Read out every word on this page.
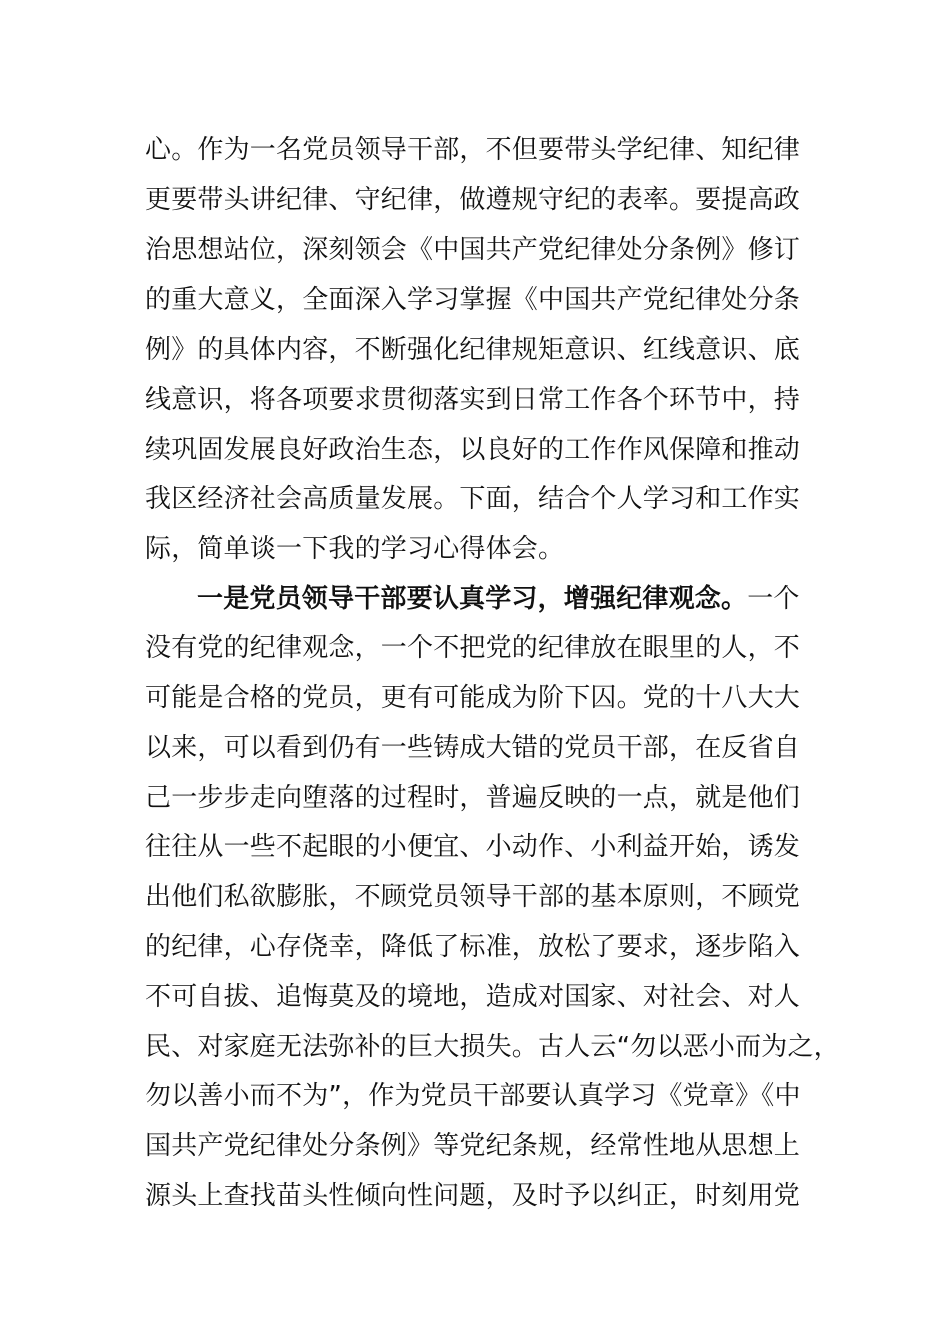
心。作为一名党员领导干部，不但要带头学纪律、知纪律
更要带头讲纪律、守纪律，做遵规守纪的表率。要提高政
治思想站位，深刻领会《中国共产党纪律处分条例》修订
的重大意义，全面深入学习掌握《中国共产党纪律处分条
例》的具体内容，不断强化纪律规矩意识、红线意识、底
线意识，将各项要求贯彻落实到日常工作各个环节中，持
续巩固发展良好政治生态，以良好的工作作风保障和推动
我区经济社会高质量发展。下面，结合个人学习和工作实
际，简单谈一下我的学习心得体会。
一是党员领导干部要认真学习，增强纪律观念。一个
没有党的纪律观念，一个不把党的纪律放在眼里的人，不
可能是合格的党员，更有可能成为阶下囚。党的十八大大
以来，可以看到仍有一些铸成大错的党员干部，在反省自
己一步步走向堕落的过程时，普遍反映的一点，就是他们
往往从一些不起眼的小便宜、小动作、小利益开始，诱发
出他们私欲膨胀，不顾党员领导干部的基本原则，不顾党
的纪律，心存侥幸，降低了标准，放松了要求，逐步陷入
不可自拔、追悔莫及的境地，造成对国家、对社会、对人
民、对家庭无法弥补的巨大损失。古人云“勿以恶小而为之，
勿以善小而不为”，作为党员干部要认真学习《党章》《中
国共产党纪律处分条例》等党纪条规，经常性地从思想上
源头上查找苗头性倾向性问题，及时予以纠正，时刻用党
